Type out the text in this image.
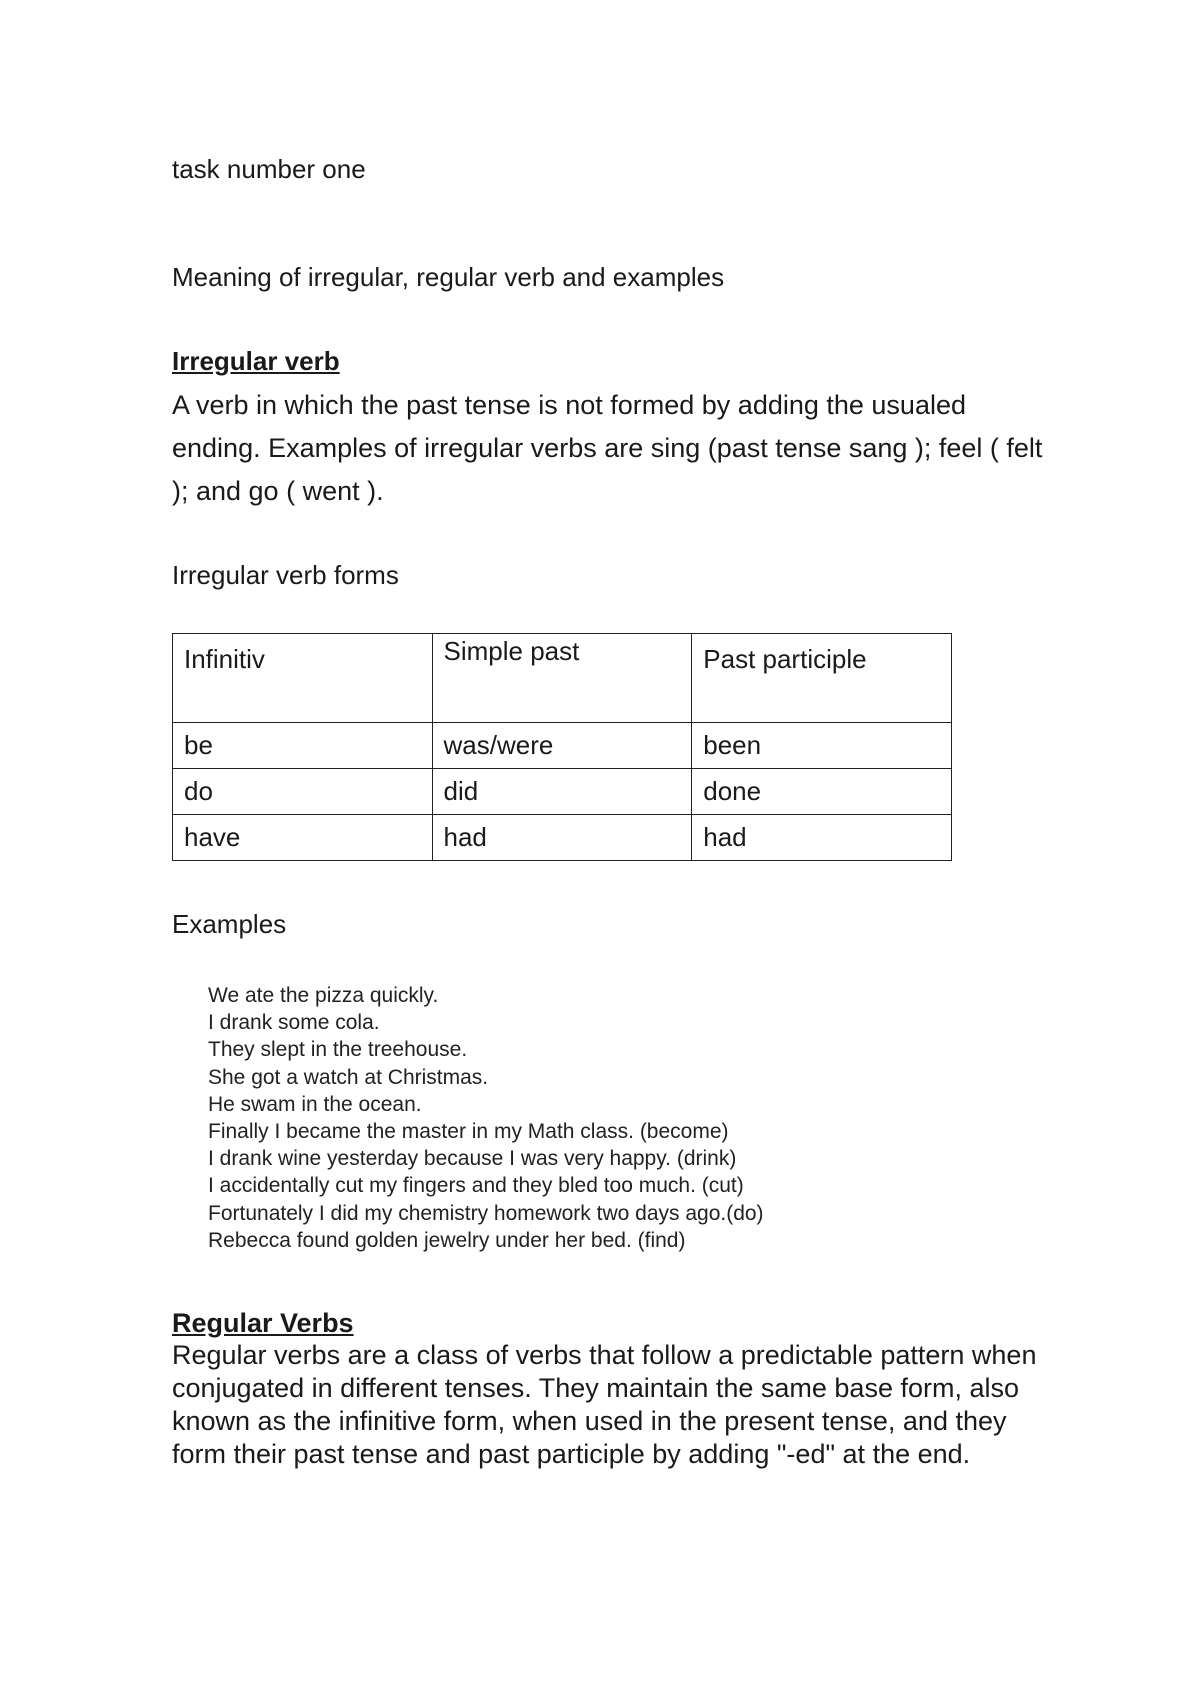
task number one

Meaning of irregular, regular verb and examples

Irregular verb

A verb in which the past tense is not formed by adding the usualed ending. Examples of irregular verbs are sing (past tense sang ); feel ( felt ); and go ( went ).

Irregular verb forms

Infinitiv	Simple past	Past participle
be	was/were	been
do	did	done
have	had	had

Examples

We ate the pizza quickly.
I drank some cola.
They slept in the treehouse.
She got a watch at Christmas.
He swam in the ocean.
Finally I became the master in my Math class. (become)
I drank wine yesterday because I was very happy. (drink)
I accidentally cut my fingers and they bled too much. (cut)
Fortunately I did my chemistry homework two days ago.(do)
Rebecca found golden jewelry under her bed. (find)

Regular Verbs

Regular verbs are a class of verbs that follow a predictable pattern when conjugated in different tenses. They maintain the same base form, also known as the infinitive form, when used in the present tense, and they form their past tense and past participle by adding "-ed" at the end.
